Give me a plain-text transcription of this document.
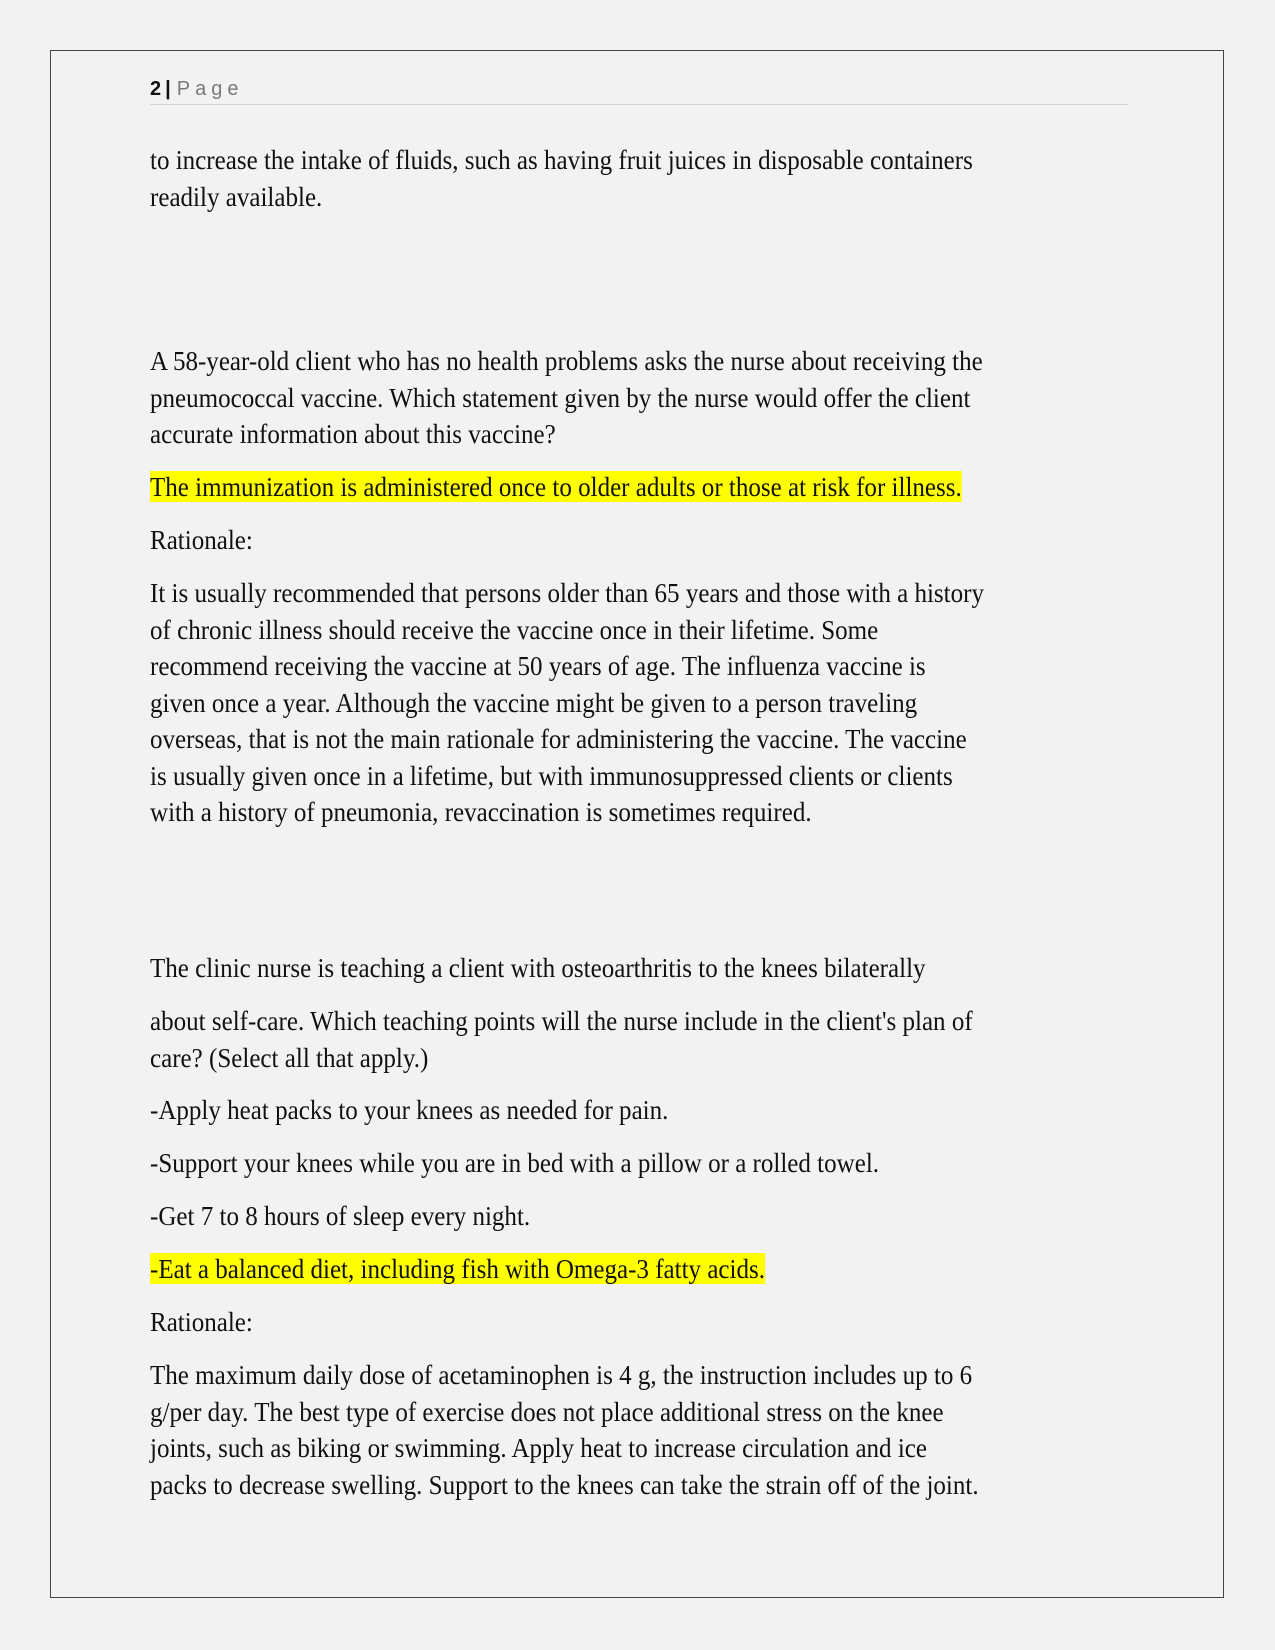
2 | Page
to increase the intake of fluids, such as having fruit juices in disposable containers
readily available.
A 58-year-old client who has no health problems asks the nurse about receiving the
pneumococcal vaccine. Which statement given by the nurse would offer the client
accurate information about this vaccine?
The immunization is administered once to older adults or those at risk for illness.
Rationale:
It is usually recommended that persons older than 65 years and those with a history
of chronic illness should receive the vaccine once in their lifetime. Some
recommend receiving the vaccine at 50 years of age. The influenza vaccine is
given once a year. Although the vaccine might be given to a person traveling
overseas, that is not the main rationale for administering the vaccine. The vaccine
is usually given once in a lifetime, but with immunosuppressed clients or clients
with a history of pneumonia, revaccination is sometimes required.
The clinic nurse is teaching a client with osteoarthritis to the knees bilaterally
about self-care. Which teaching points will the nurse include in the client's plan of
care? (Select all that apply.)
-Apply heat packs to your knees as needed for pain.
-Support your knees while you are in bed with a pillow or a rolled towel.
-Get 7 to 8 hours of sleep every night.
-Eat a balanced diet, including fish with Omega-3 fatty acids.
Rationale:
The maximum daily dose of acetaminophen is 4 g, the instruction includes up to 6
g/per day. The best type of exercise does not place additional stress on the knee
joints, such as biking or swimming. Apply heat to increase circulation and ice
packs to decrease swelling. Support to the knees can take the strain off of the joint.
